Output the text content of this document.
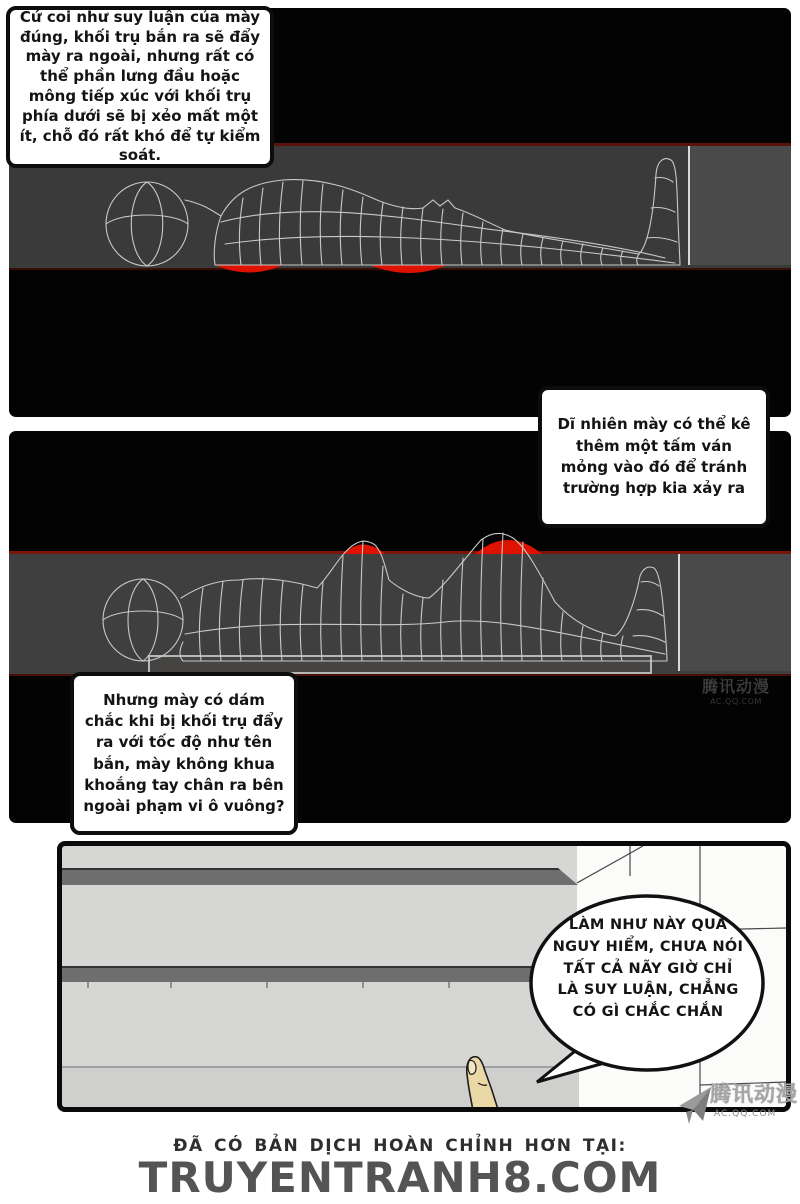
Cứ coi như suy luận của mày đúng, khối trụ bắn ra sẽ đẩy mày ra ngoài, nhưng rất có thể phần lưng đầu hoặc mông tiếp xúc với khối trụ phía dưới sẽ bị xẻo mất một ít, chỗ đó rất khó để tự kiểm soát.
腾讯动漫
AC.QQ.COM
Dĩ nhiên mày có thể kê thêm một tấm ván mỏng vào đó để tránh trường hợp kia xảy ra
Nhưng mày có dám chắc khi bị khối trụ đẩy ra với tốc độ như tên bắn, mày không khua khoắng tay chân ra bên ngoài phạm vi ô vuông?
LÀM NHƯ NÀY QUÁ NGUY HIỂM, CHƯA NÓI TẤT CẢ NÃY GIỜ CHỈ LÀ SUY LUẬN, CHẲNG CÓ GÌ CHẮC CHẮN
腾讯动漫
AC.QQ.COM
ĐÃ CÓ BẢN DỊCH HOÀN CHỈNH HƠN TẠI:
TRUYENTRANH8.COM
